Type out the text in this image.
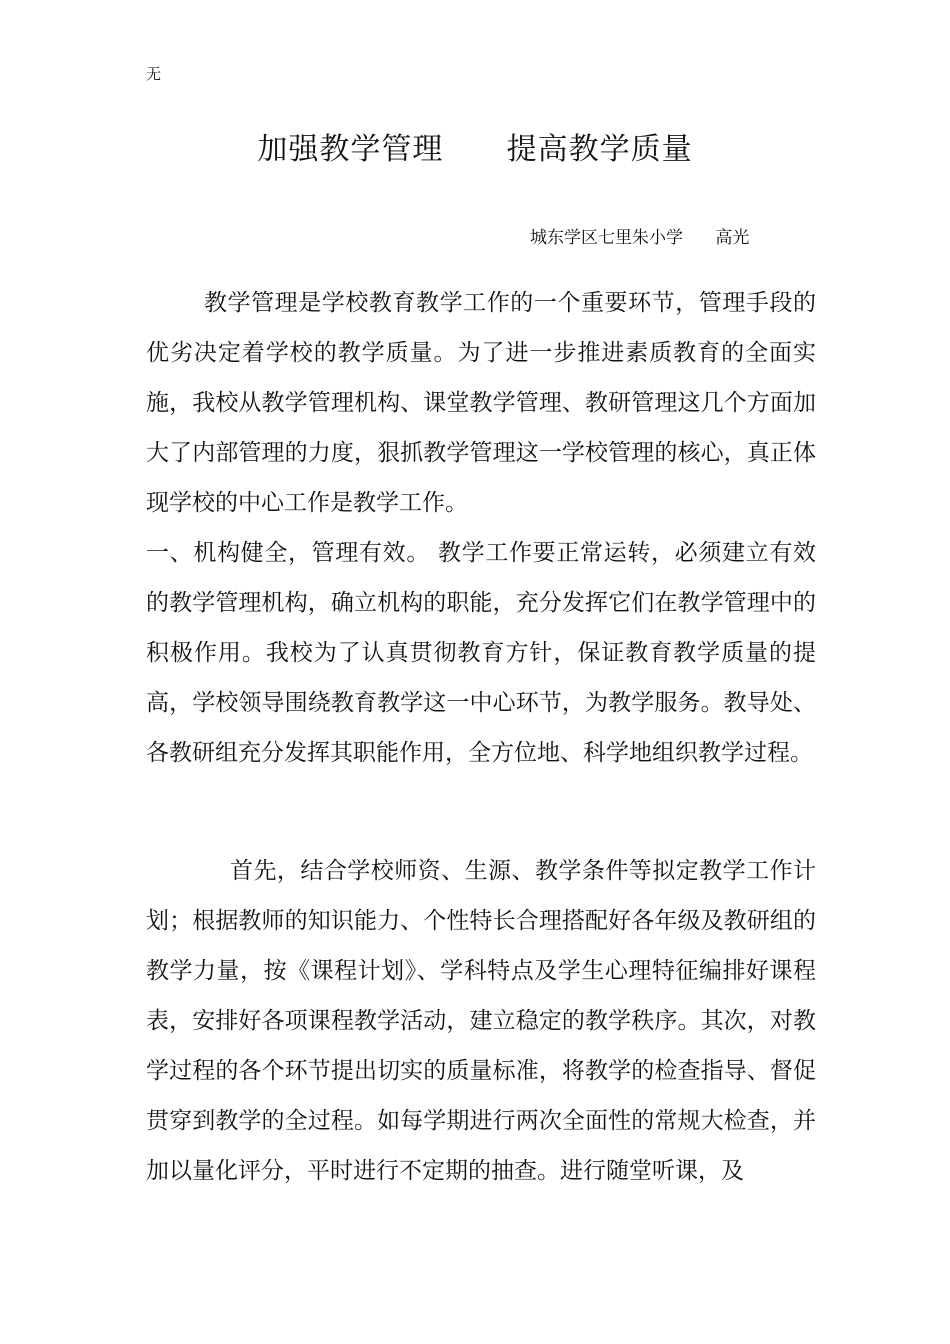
无
加强教学管理      提高教学质量
城东学区七里朱小学      高光
教学管理是学校教育教学工作的一个重要环节，管理手段的优劣决定着学校的教学质量。为了进一步推进素质教育的全面实施，我校从教学管理机构、课堂教学管理、教研管理这几个方面加大了内部管理的力度，狠抓教学管理这一学校管理的核心，真正体现学校的中心工作是教学工作。
一、机构健全，管理有效。 教学工作要正常运转，必须建立有效的教学管理机构，确立机构的职能，充分发挥它们在教学管理中的积极作用。我校为了认真贯彻教育方针，保证教育教学质量的提高，学校领导围绕教育教学这一中心环节，为教学服务。教导处、各教研组充分发挥其职能作用，全方位地、科学地组织教学过程。
首先，结合学校师资、生源、教学条件等拟定教学工作计划；根据教师的知识能力、个性特长合理搭配好各年级及教研组的教学力量，按《课程计划》、学科特点及学生心理特征编排好课程表，安排好各项课程教学活动，建立稳定的教学秩序。其次，对教学过程的各个环节提出切实的质量标准，将教学的检查指导、督促贯穿到教学的全过程。如每学期进行两次全面性的常规大检查，并加以量化评分，平时进行不定期的抽查。进行随堂听课，及
